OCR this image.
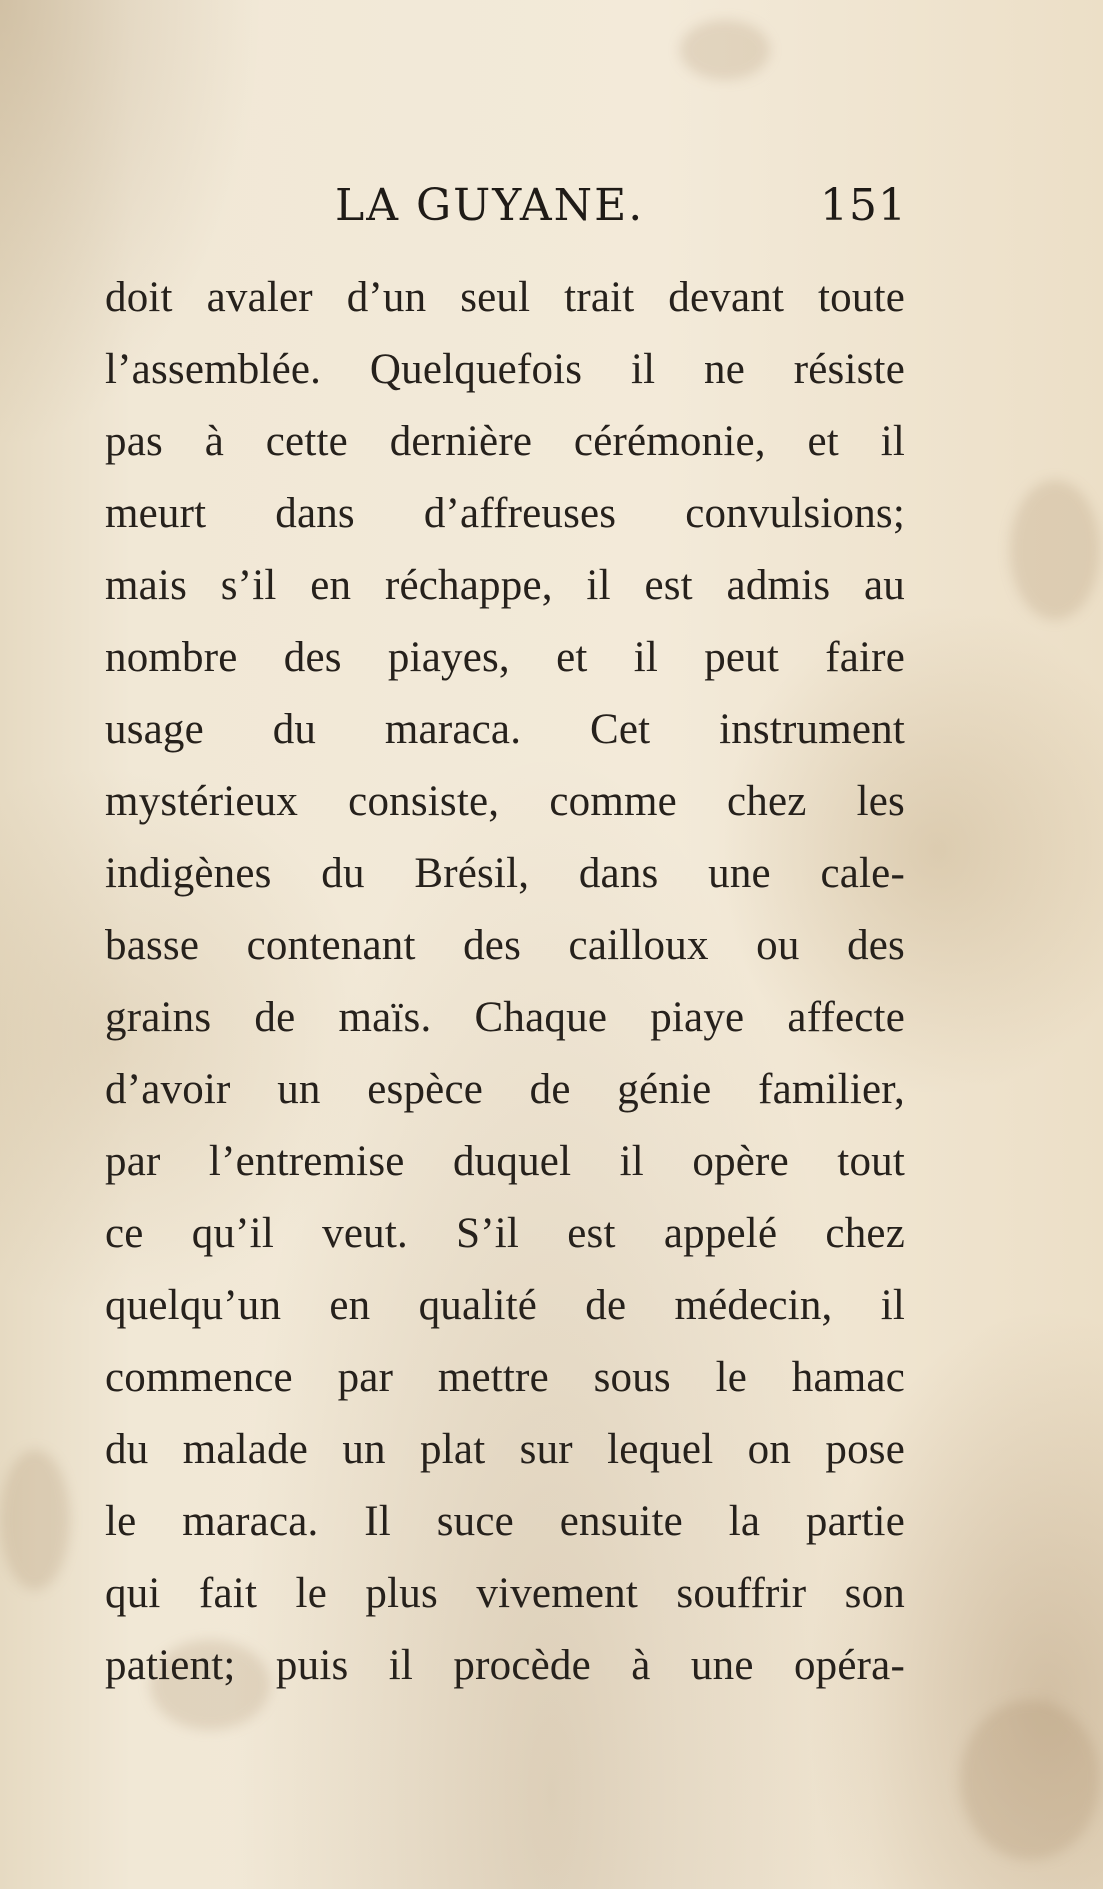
LA GUYANE.	151
doit avaler d’un seul trait devant toute
l’assemblée. Quelquefois il ne résiste
pas à cette dernière cérémonie, et il
meurt dans d’affreuses convulsions;
mais s’il en réchappe, il est admis au
nombre des piayes, et il peut faire
usage du maraca. Cet instrument
mystérieux consiste, comme chez les
indigènes du Brésil, dans une cale-
basse contenant des cailloux ou des
grains de maïs. Chaque piaye affecte
d’avoir un espèce de génie familier,
par l’entremise duquel il opère tout
ce qu’il veut. S’il est appelé chez
quelqu’un en qualité de médecin, il
commence par mettre sous le hamac
du malade un plat sur lequel on pose
le maraca. Il suce ensuite la partie
qui fait le plus vivement souffrir son
patient; puis il procède à une opéra-
